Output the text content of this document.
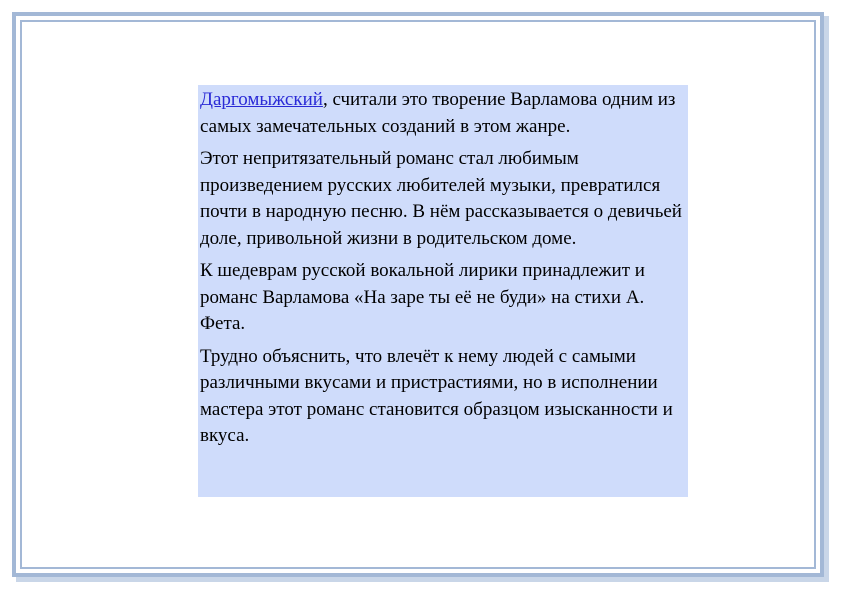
Даргомыжский, считали это творение Варламова одним из самых замечательных созданий в этом жанре.

Этот непритязательный романс стал любимым произведением русских любителей музыки, превратился почти в народную песню. В нём рассказывается о девичьей доле, привольной жизни в родительском доме.

К шедеврам русской вокальной лирики принадлежит и романс Варламова «На заре ты её не буди» на стихи А. Фета.

Трудно объяснить, что влечёт к нему людей с самыми различными вкусами и пристрастиями, но в исполнении мастера этот романс становится образцом изысканности и вкуса.
